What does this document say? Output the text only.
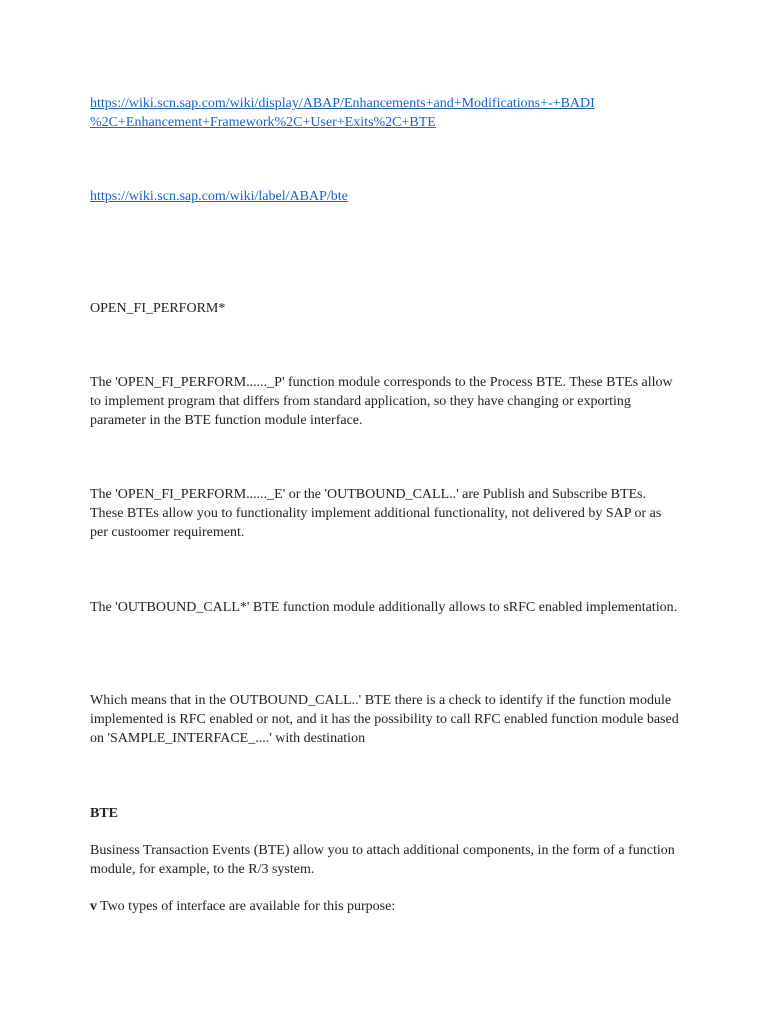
https://wiki.scn.sap.com/wiki/display/ABAP/Enhancements+and+Modifications+-+BADI
%2C+Enhancement+Framework%2C+User+Exits%2C+BTE
https://wiki.scn.sap.com/wiki/label/ABAP/bte

OPEN_FI_PERFORM*

The 'OPEN_FI_PERFORM......_P' function module corresponds to the Process BTE. These BTEs allow to implement program that differs from standard application, so they have changing or exporting parameter in the BTE function module interface.

The 'OPEN_FI_PERFORM......_E' or the 'OUTBOUND_CALL..' are Publish and Subscribe BTEs. These BTEs allow you to functionality implement additional functionality, not delivered by SAP or as per custoomer requirement.

The 'OUTBOUND_CALL*' BTE function module additionally allows to sRFC enabled implementation.

Which means that in the OUTBOUND_CALL..' BTE there is a check to identify if the function module implemented is RFC enabled or not, and it has the possibility to call RFC enabled function module based on 'SAMPLE_INTERFACE_....' with destination

BTE

Business Transaction Events (BTE) allow you to attach additional components, in the form of a function module, for example, to the R/3 system.

v Two types of interface are available for this purpose:
